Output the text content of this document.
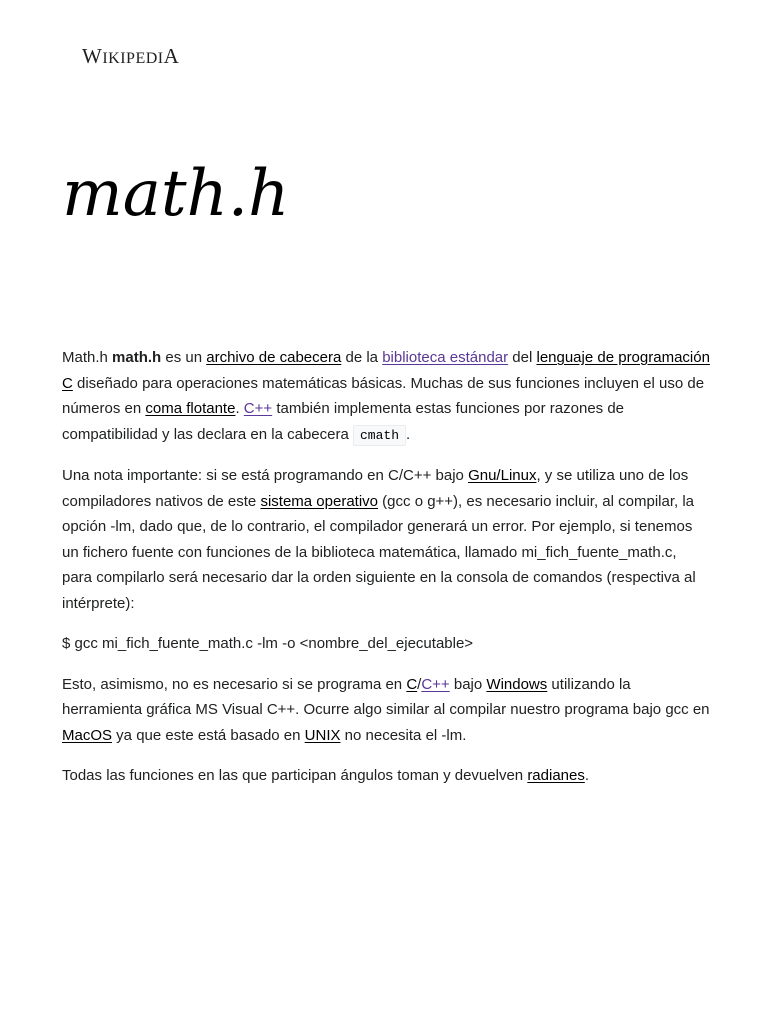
WIKIPEDIA
math.h

Math.h math.h es un archivo de cabecera de la biblioteca estándar del lenguaje de programación C diseñado para operaciones matemáticas básicas. Muchas de sus funciones incluyen el uso de números en coma flotante. C++ también implementa estas funciones por razones de compatibilidad y las declara en la cabecera cmath .

Una nota importante: si se está programando en C/C++ bajo Gnu/Linux, y se utiliza uno de los compiladores nativos de este sistema operativo (gcc o g++), es necesario incluir, al compilar, la opción -lm, dado que, de lo contrario, el compilador generará un error. Por ejemplo, si tenemos un fichero fuente con funciones de la biblioteca matemática, llamado mi_fich_fuente_math.c, para compilarlo será necesario dar la orden siguiente en la consola de comandos (respectiva al intérprete):

$ gcc mi_fich_fuente_math.c -lm -o <nombre_del_ejecutable>

Esto, asimismo, no es necesario si se programa en C/C++ bajo Windows utilizando la herramienta gráfica MS Visual C++. Ocurre algo similar al compilar nuestro programa bajo gcc en MacOS ya que este está basado en UNIX no necesita el -lm.

Todas las funciones en las que participan ángulos toman y devuelven radianes.
